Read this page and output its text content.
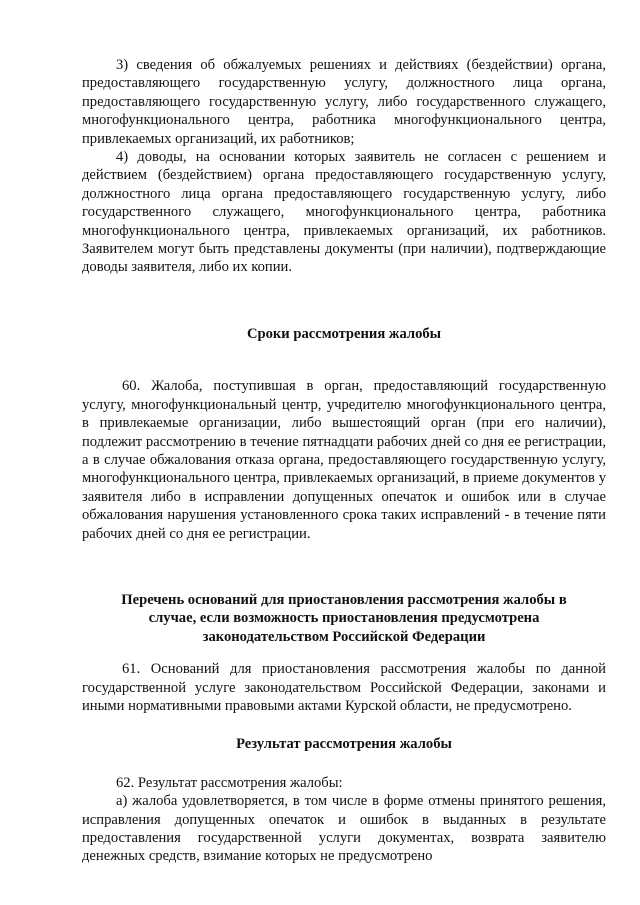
3) сведения об обжалуемых решениях и действиях (бездействии) органа, предоставляющего государственную услугу, должностного лица органа, предоставляющего государственную услугу, либо государственного служащего, многофункционального центра, работника многофункционального центра, привлекаемых организаций, их работников;

4) доводы, на основании которых заявитель не согласен с решением и действием (бездействием) органа предоставляющего государственную услугу, должностного лица органа предоставляющего государственную услугу, либо государственного служащего, многофункционального центра, работника многофункционального центра, привлекаемых организаций, их работников. Заявителем могут быть представлены документы (при наличии), подтверждающие доводы заявителя, либо их копии.

Сроки рассмотрения жалобы

60. Жалоба, поступившая в орган, предоставляющий государственную услугу, многофункциональный центр, учредителю многофункционального центра, в привлекаемые организации, либо вышестоящий орган (при его наличии), подлежит рассмотрению в течение пятнадцати рабочих дней со дня ее регистрации, а в случае обжалования отказа органа, предоставляющего государственную услугу, многофункционального центра, привлекаемых организаций, в приеме документов у заявителя либо в исправлении допущенных опечаток и ошибок или в случае обжалования нарушения установленного срока таких исправлений - в течение пяти рабочих дней со дня ее регистрации.

Перечень оснований для приостановления рассмотрения жалобы в

случае, если возможность приостановления предусмотрена

законодательством Российской Федерации

61. Оснований для приостановления рассмотрения жалобы по данной государственной услуге законодательством Российской Федерации, законами и иными нормативными правовыми актами Курской области, не предусмотрено.

Результат рассмотрения жалобы

62. Результат рассмотрения жалобы:

а) жалоба удовлетворяется, в том числе в форме отмены принятого решения, исправления допущенных опечаток и ошибок в выданных в результате предоставления государственной услуги документах, возврата заявителю денежных средств, взимание которых не предусмотрено
